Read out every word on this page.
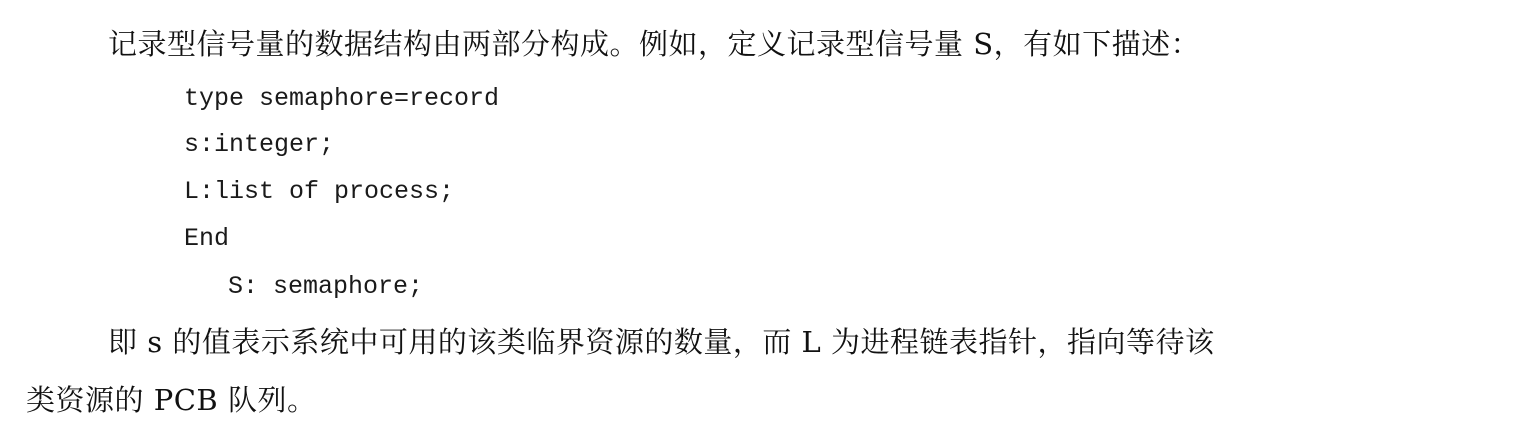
记录型信号量的数据结构由两部分构成。例如，定义记录型信号量 S，有如下描述：
type semaphore=record
s:integer;
L:list of process;
End
S: semaphore;
即 s 的值表示系统中可用的该类临界资源的数量，而 L 为进程链表指针，指向等待该
类资源的 PCB 队列。
